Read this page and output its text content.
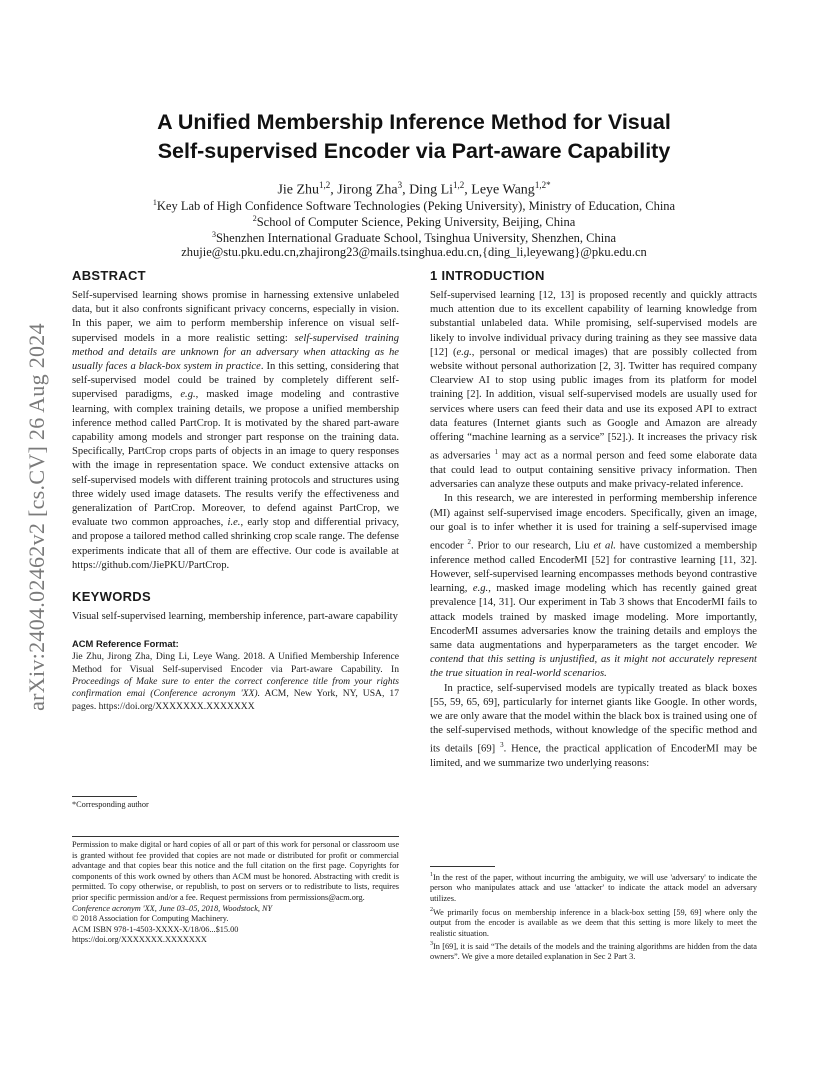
arXiv:2404.02462v2 [cs.CV] 26 Aug 2024
A Unified Membership Inference Method for Visual
Self-supervised Encoder via Part-aware Capability
Jie Zhu$^{1,2}$, Jirong Zha$^3$, Ding Li$^{1,2}$, Leye Wang$^{1,2*}$
$^1$Key Lab of High Confidence Software Technologies (Peking University), Ministry of Education, China
$^2$School of Computer Science, Peking University, Beijing, China
$^3$Shenzhen International Graduate School, Tsinghua University, Shenzhen, China
zhujie@stu.pku.edu.cn,zhajirong23@mails.tsinghua.edu.cn,{ding_li,leyewang}@pku.edu.cn
ABSTRACT

Self-supervised learning shows promise in harnessing extensive unlabeled data, but it also confronts significant privacy concerns, especially in vision. In this paper, we aim to perform membership inference on visual self-supervised models in a more realistic setting: self-supervised training method and details are unknown for an adversary when attacking as he usually faces a black-box system in practice. In this setting, considering that self-supervised model could be trained by completely different self-supervised paradigms, e.g., masked image modeling and contrastive learning, with complex training details, we propose a unified membership inference method called PartCrop. It is motivated by the shared part-aware capability among models and stronger part response on the training data. Specifically, PartCrop crops parts of objects in an image to query responses with the image in representation space. We conduct extensive attacks on self-supervised models with different training protocols and structures using three widely used image datasets. The results verify the effectiveness and generalization of PartCrop. Moreover, to defend against PartCrop, we evaluate two common approaches, i.e., early stop and differential privacy, and propose a tailored method called shrinking crop scale range. The defense experiments indicate that all of them are effective. Our code is available at https://github.com/JiePKU/PartCrop.

KEYWORDS

Visual self-supervised learning, membership inference, part-aware capability

ACM Reference Format:

Jie Zhu, Jirong Zha, Ding Li, Leye Wang. 2018. A Unified Membership Inference Method for Visual Self-supervised Encoder via Part-aware Capability. In Proceedings of Make sure to enter the correct conference title from your rights confirmation emai (Conference acronym 'XX). ACM, New York, NY, USA, 17 pages. https://doi.org/XXXXXXX.XXXXXXX

*Corresponding author
Permission to make digital or hard copies of all or part of this work for personal or classroom use is granted without fee provided that copies are not made or distributed for profit or commercial advantage and that copies bear this notice and the full citation on the first page. Copyrights for components of this work owned by others than ACM must be honored. Abstracting with credit is permitted. To copy otherwise, or republish, to post on servers or to redistribute to lists, requires prior specific permission and/or a fee. Request permissions from permissions@acm.org.
Conference acronym 'XX, June 03–05, 2018, Woodstock, NY
© 2018 Association for Computing Machinery.
ACM ISBN 978-1-4503-XXXX-X/18/06...$15.00
https://doi.org/XXXXXXX.XXXXXXX
1 INTRODUCTION

Self-supervised learning [12, 13] is proposed recently and quickly attracts much attention due to its excellent capability of learning knowledge from substantial unlabeled data. While promising, self-supervised models are likely to involve individual privacy during training as they see massive data [12] (e.g., personal or medical images) that are possibly collected from website without personal authorization [2, 3]. Twitter has required company Clearview AI to stop using public images from its platform for model training [2]. In addition, visual self-supervised models are usually used for services where users can feed their data and use its exposed API to extract data features (Internet giants such as Google and Amazon are already offering “machine learning as a service” [52].). It increases the privacy risk as adversaries $^1$ may act as a normal person and feed some elaborate data that could lead to output containing sensitive privacy information. Then adversaries can analyze these outputs and make privacy-related inference.

In this research, we are interested in performing membership inference (MI) against self-supervised image encoders. Specifically, given an image, our goal is to infer whether it is used for training a self-supervised image encoder $^2$. Prior to our research, Liu et al. have customized a membership inference method called EncoderMI [52] for contrastive learning [11, 32]. However, self-supervised learning encompasses methods beyond contrastive learning, e.g., masked image modeling which has recently gained great prevalence [14, 31]. Our experiment in Tab 3 shows that EncoderMI fails to attack models trained by masked image modeling. More importantly, EncoderMI assumes adversaries know the training details and employs the same data augmentations and hyperparameters as the target encoder. We contend that this setting is unjustified, as it might not accurately represent the true situation in real-world scenarios.

In practice, self-supervised models are typically treated as black boxes [55, 59, 65, 69], particularly for internet giants like Google. In other words, we are only aware that the model within the black box is trained using one of the self-supervised methods, without knowledge of the specific method and its details [69] $^3$. Hence, the practical application of EncoderMI may be limited, and we summarize two underlying reasons:

$^1$In the rest of the paper, without incurring the ambiguity, we will use 'adversary' to indicate the person who manipulates attack and use 'attacker' to indicate the attack model an adversary utilizes.
$^2$We primarily focus on membership inference in a black-box setting [59, 69] where only the output from the encoder is available as we deem that this setting is more likely to meet the realistic situation.
$^3$In [69], it is said “The details of the models and the training algorithms are hidden from the data owners”. We give a more detailed explanation in Sec 2 Part 3.
